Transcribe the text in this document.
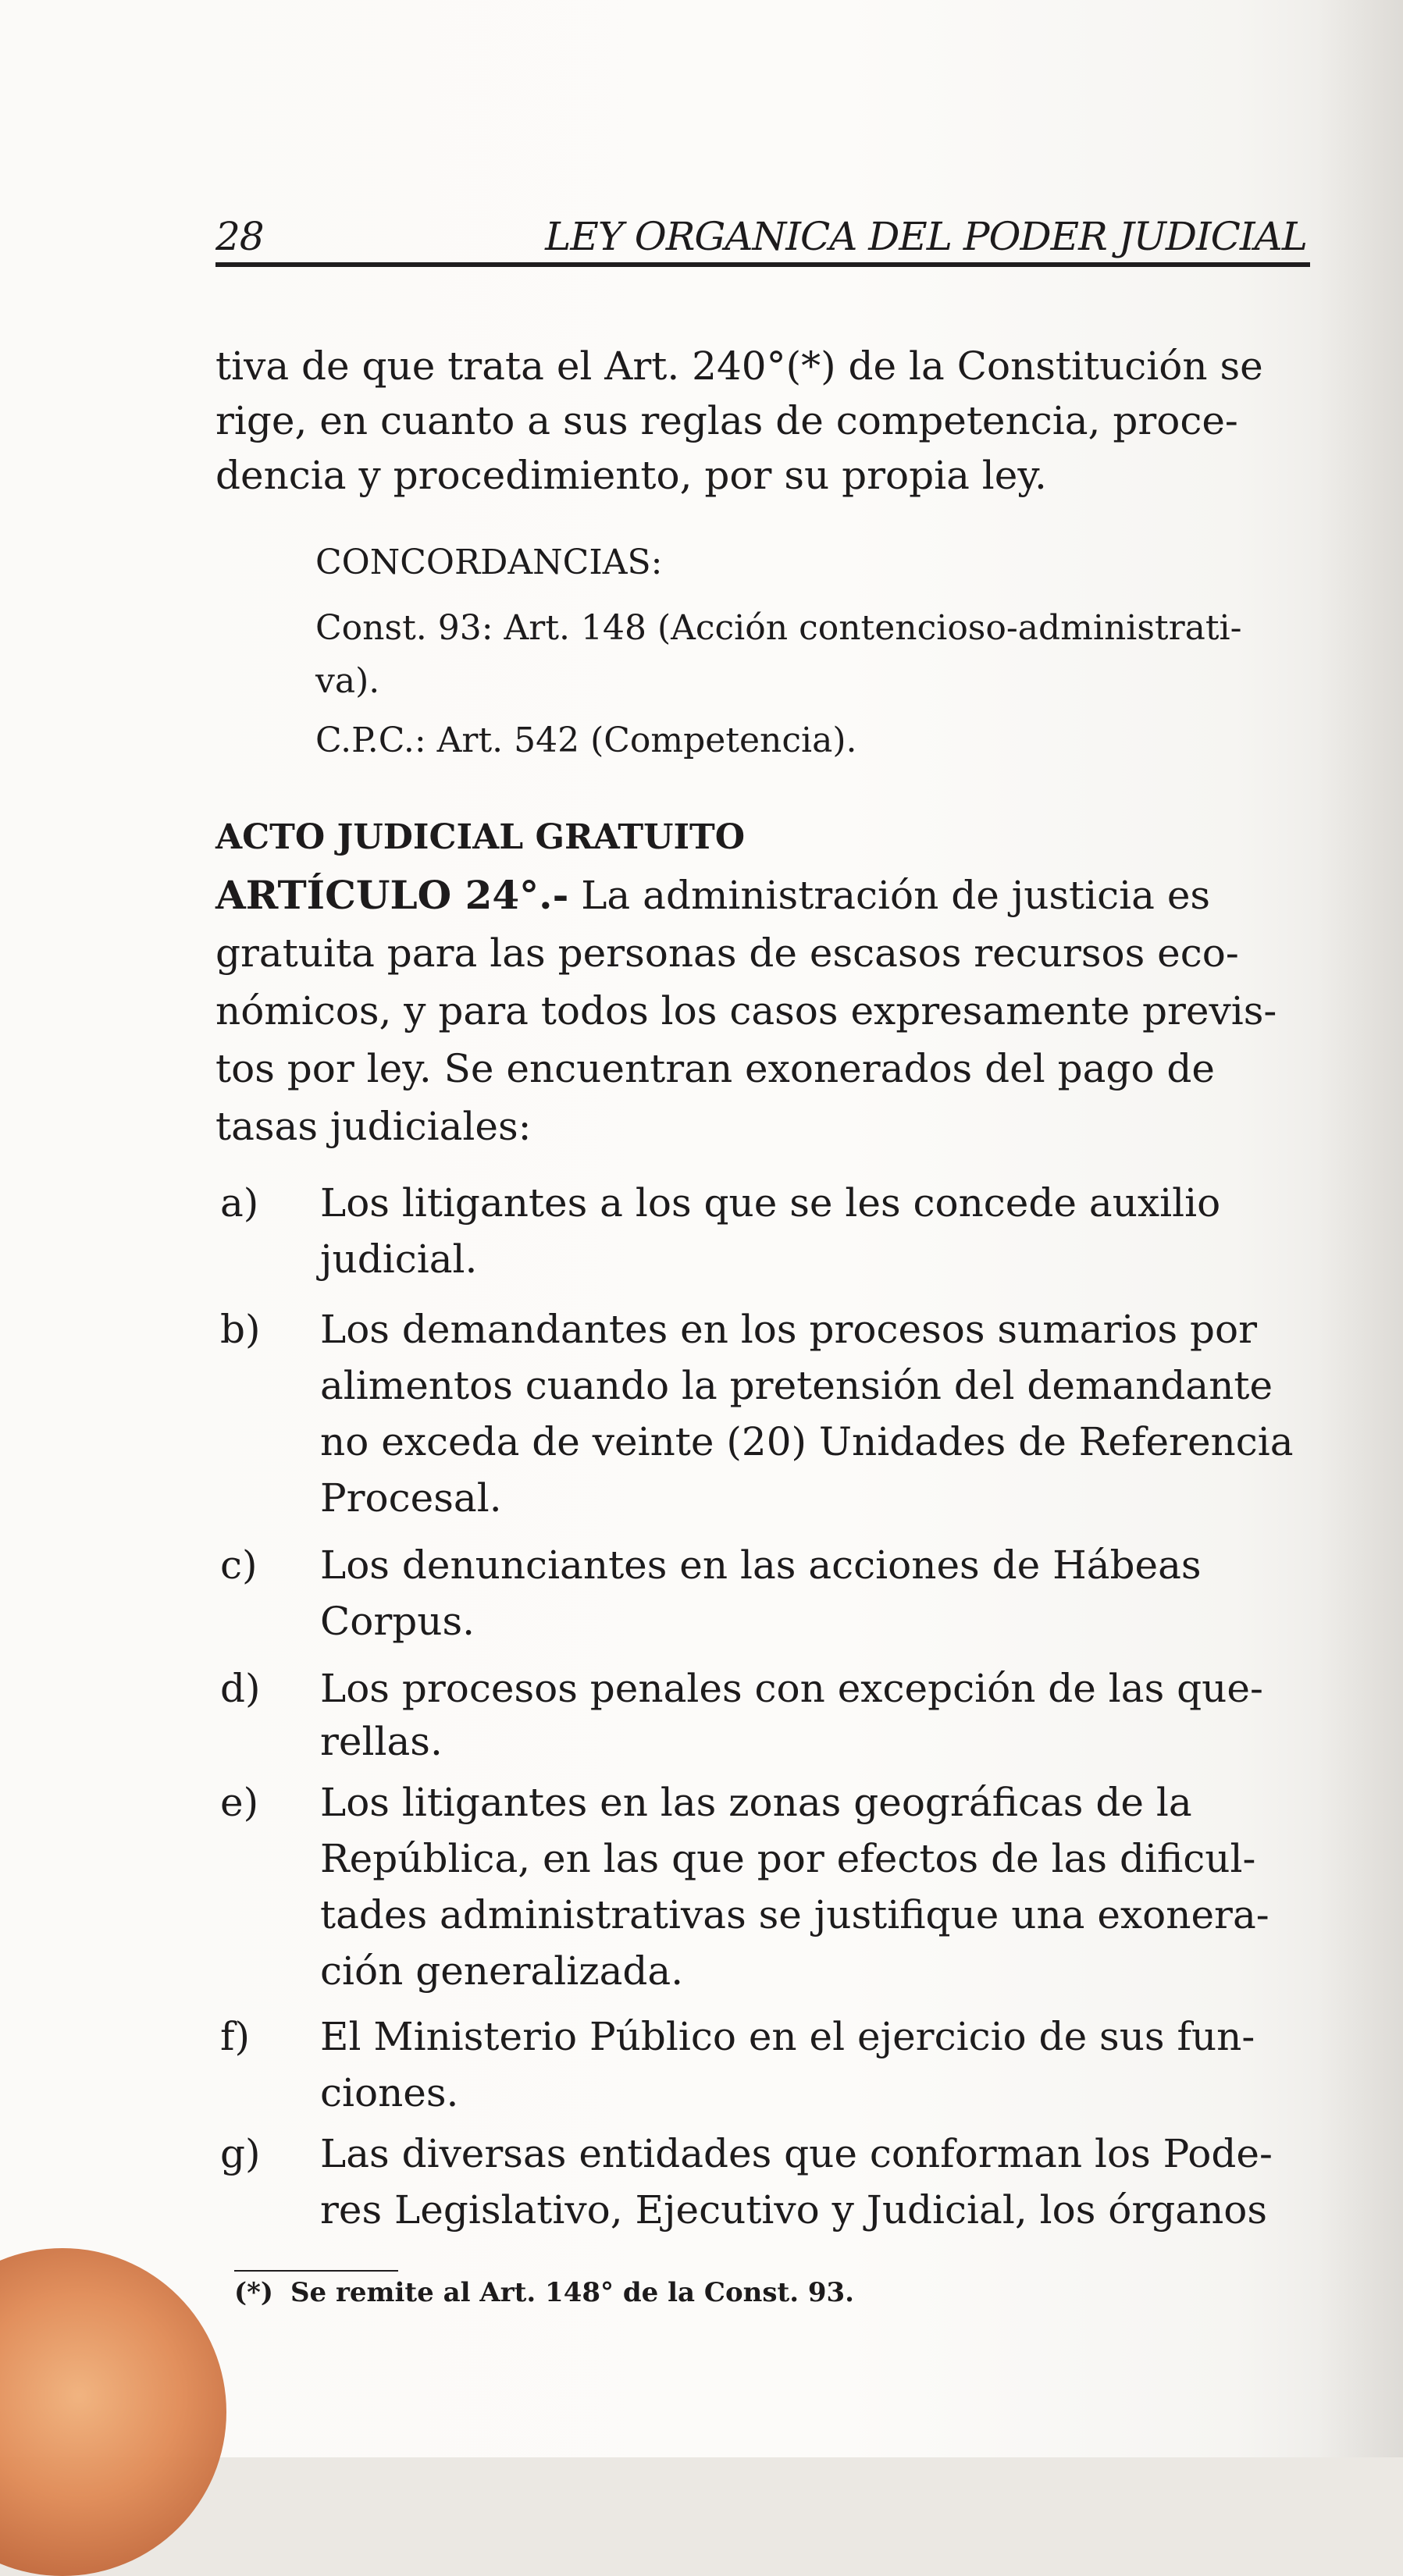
28	LEY ORGANICA DEL PODER JUDICIAL
tiva de que trata el Art. 240°(*) de la Constitución se
rige, en cuanto a sus reglas de competencia, proce-
dencia y procedimiento, por su propia ley.
CONCORDANCIAS:
Const. 93: Art. 148 (Acción contencioso-administrati-
va).
C.P.C.: Art. 542 (Competencia).
ACTO JUDICIAL GRATUITO
ARTÍCULO 24°.- La administración de justicia es
gratuita para las personas de escasos recursos eco-
nómicos, y para todos los casos expresamente previs-
tos por ley. Se encuentran exonerados del pago de
tasas judiciales:
a) Los litigantes a los que se les concede auxilio
judicial.
b) Los demandantes en los procesos sumarios por
alimentos cuando la pretensión del demandante
no exceda de veinte (20) Unidades de Referencia
Procesal.
c) Los denunciantes en las acciones de Hábeas
Corpus.
d) Los procesos penales con excepción de las que-
rellas.
e) Los litigantes en las zonas geográficas de la
República, en las que por efectos de las dificul-
tades administrativas se justifique una exonera-
ción generalizada.
f) El Ministerio Público en el ejercicio de sus fun-
ciones.
g) Las diversas entidades que conforman los Pode-
res Legislativo, Ejecutivo y Judicial, los órganos
(*) Se remite al Art. 148° de la Const. 93.
